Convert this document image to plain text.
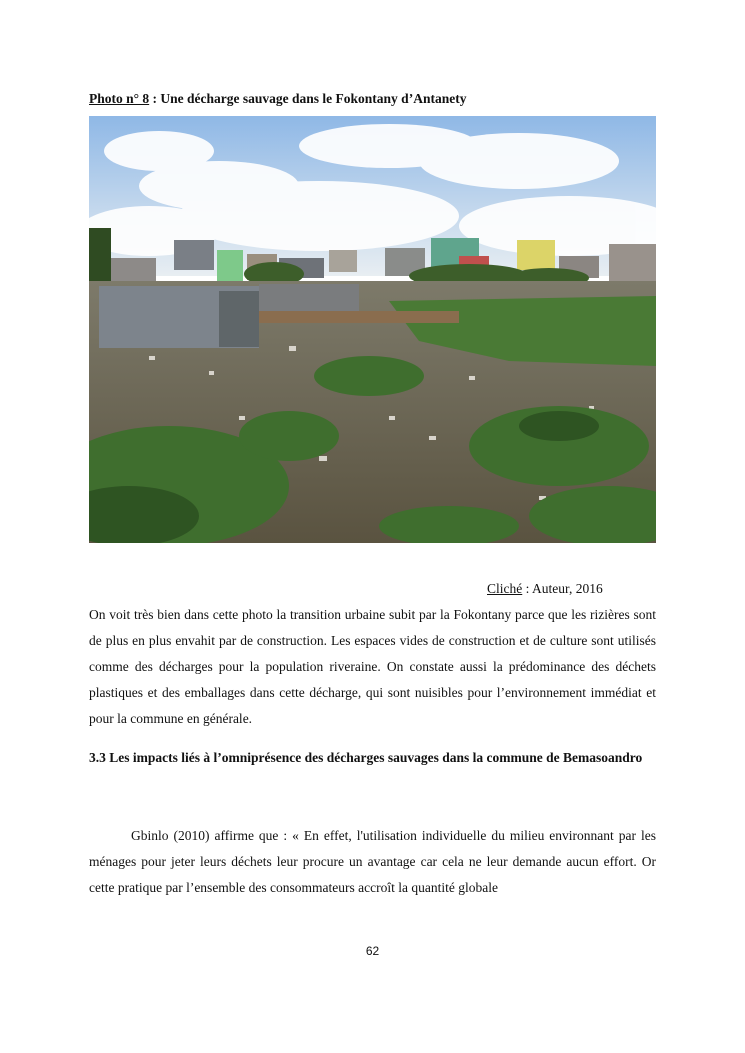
Photo n° 8 : Une décharge sauvage dans le Fokontany d’Antanety
Cliché : Auteur, 2016

On voit très bien dans cette photo la transition urbaine subit par la Fokontany parce que les rizières sont de plus en plus envahit par de construction. Les espaces vides de construction et de culture sont utilisés comme des décharges pour la population riveraine. On constate aussi la prédominance des déchets plastiques et des emballages dans cette décharge, qui sont nuisibles pour l’environnement immédiat et pour la commune en générale.

3.3 Les impacts liés à l’omniprésence des décharges sauvages dans la commune de Bemasoandro

Gbinlo (2010) affirme que : « En effet, l'utilisation individuelle du milieu environnant par les ménages pour jeter leurs déchets leur procure un avantage car cela ne leur demande aucun effort. Or cette pratique par l’ensemble des consommateurs accroît la quantité globale

62
